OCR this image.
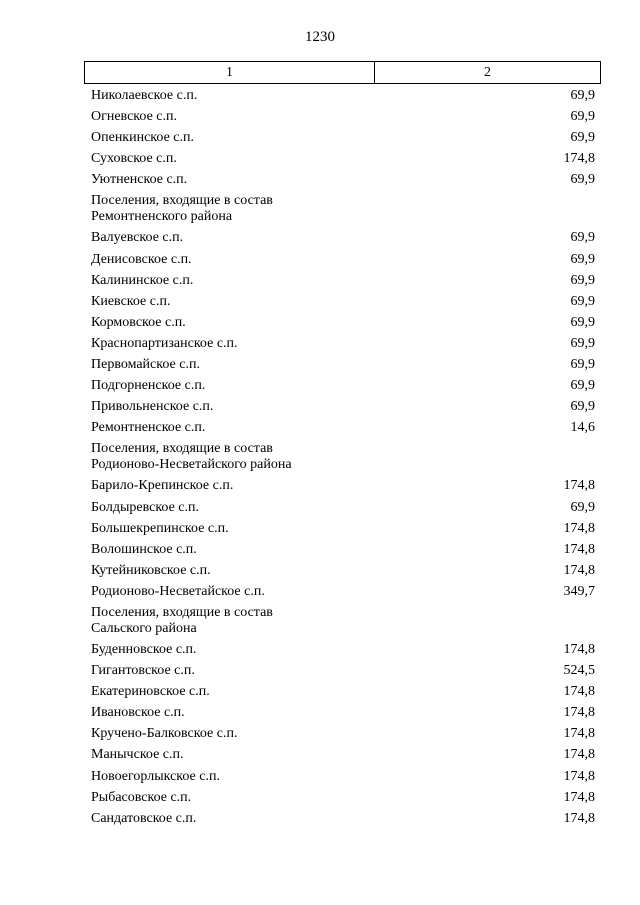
1230
1	2
Николаевское с.п.	69,9
Огневское с.п.	69,9
Опенкинское с.п.	69,9
Суховское с.п.	174,8
Уютненское с.п.	69,9
Поселения, входящие в состав
Ремонтненского района
Валуевское с.п.	69,9
Денисовское с.п.	69,9
Калининское с.п.	69,9
Киевское с.п.	69,9
Кормовское с.п.	69,9
Краснопартизанское с.п.	69,9
Первомайское с.п.	69,9
Подгорненское с.п.	69,9
Привольненское с.п.	69,9
Ремонтненское с.п.	14,6
Поселения, входящие в состав
Родионово-Несветайского района
Барило-Крепинское с.п.	174,8
Болдыревское с.п.	69,9
Большекрепинское с.п.	174,8
Волошинское с.п.	174,8
Кутейниковское с.п.	174,8
Родионово-Несветайское с.п.	349,7
Поселения, входящие в состав
Сальского района
Буденновское с.п.	174,8
Гигантовское с.п.	524,5
Екатериновское с.п.	174,8
Ивановское с.п.	174,8
Кручено-Балковское с.п.	174,8
Манычское с.п.	174,8
Новоегорлыкское с.п.	174,8
Рыбасовское с.п.	174,8
Сандатовское с.п.	174,8
